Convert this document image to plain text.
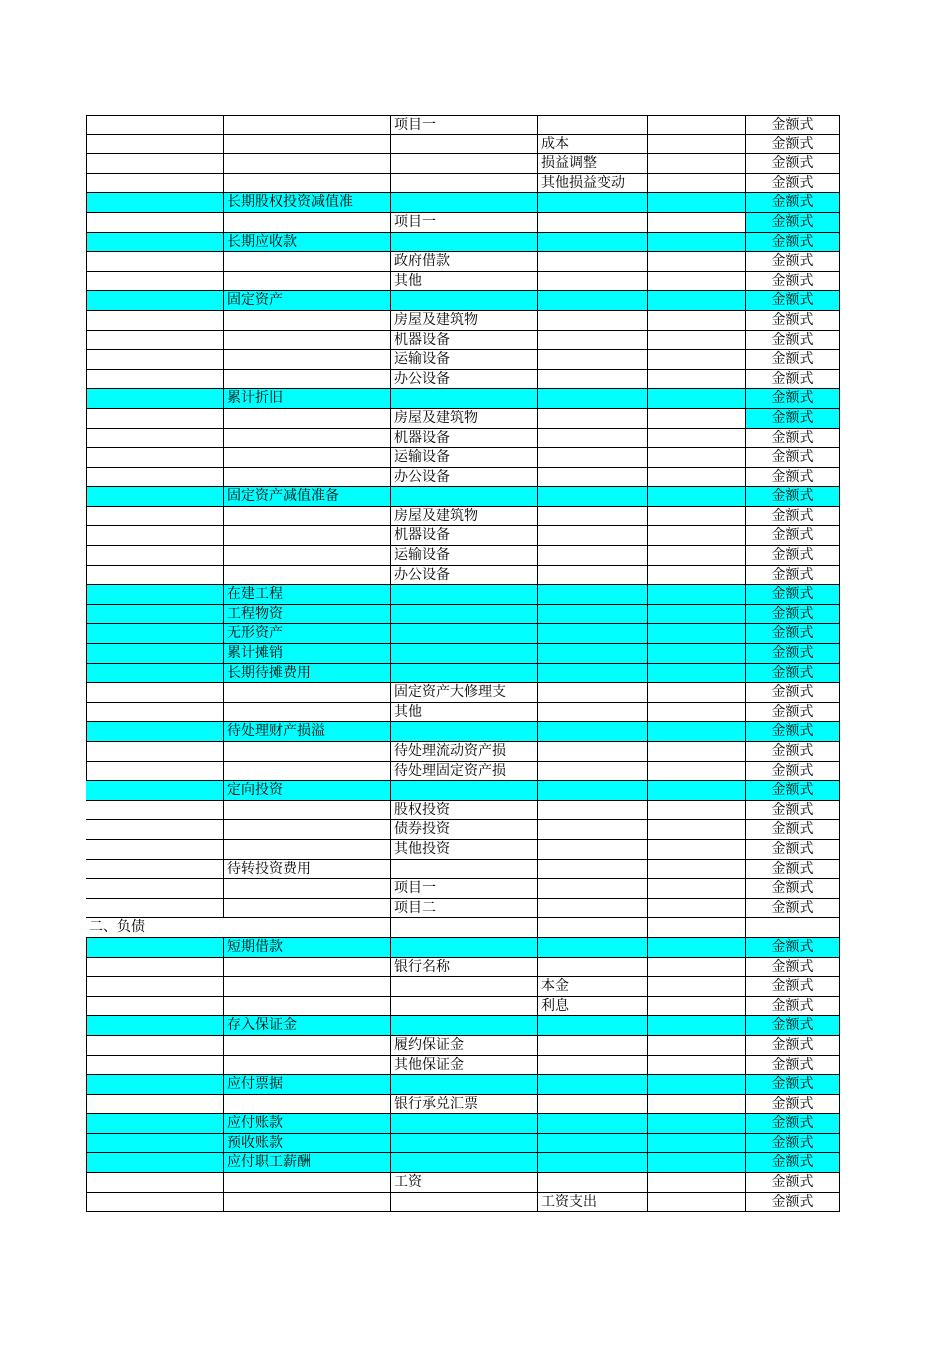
项目一	金额式
成本	金额式
损益调整	金额式
其他损益变动	金额式
长期股权投资减值准	金额式
项目一	金额式
长期应收款	金额式
政府借款	金额式
其他	金额式
固定资产	金额式
房屋及建筑物	金额式
机器设备	金额式
运输设备	金额式
办公设备	金额式
累计折旧	金额式
房屋及建筑物	金额式
机器设备	金额式
运输设备	金额式
办公设备	金额式
固定资产减值准备	金额式
房屋及建筑物	金额式
机器设备	金额式
运输设备	金额式
办公设备	金额式
在建工程	金额式
工程物资	金额式
无形资产	金额式
累计摊销	金额式
长期待摊费用	金额式
固定资产大修理支	金额式
其他	金额式
待处理财产损溢	金额式
待处理流动资产损	金额式
待处理固定资产损	金额式
定向投资	金额式
股权投资	金额式
债券投资	金额式
其他投资	金额式
待转投资费用	金额式
项目一	金额式
项目二	金额式
二、负债
短期借款	金额式
银行名称	金额式
本金	金额式
利息	金额式
存入保证金	金额式
履约保证金	金额式
其他保证金	金额式
应付票据	金额式
银行承兑汇票	金额式
应付账款	金额式
预收账款	金额式
应付职工薪酬	金额式
工资	金额式
工资支出	金额式
